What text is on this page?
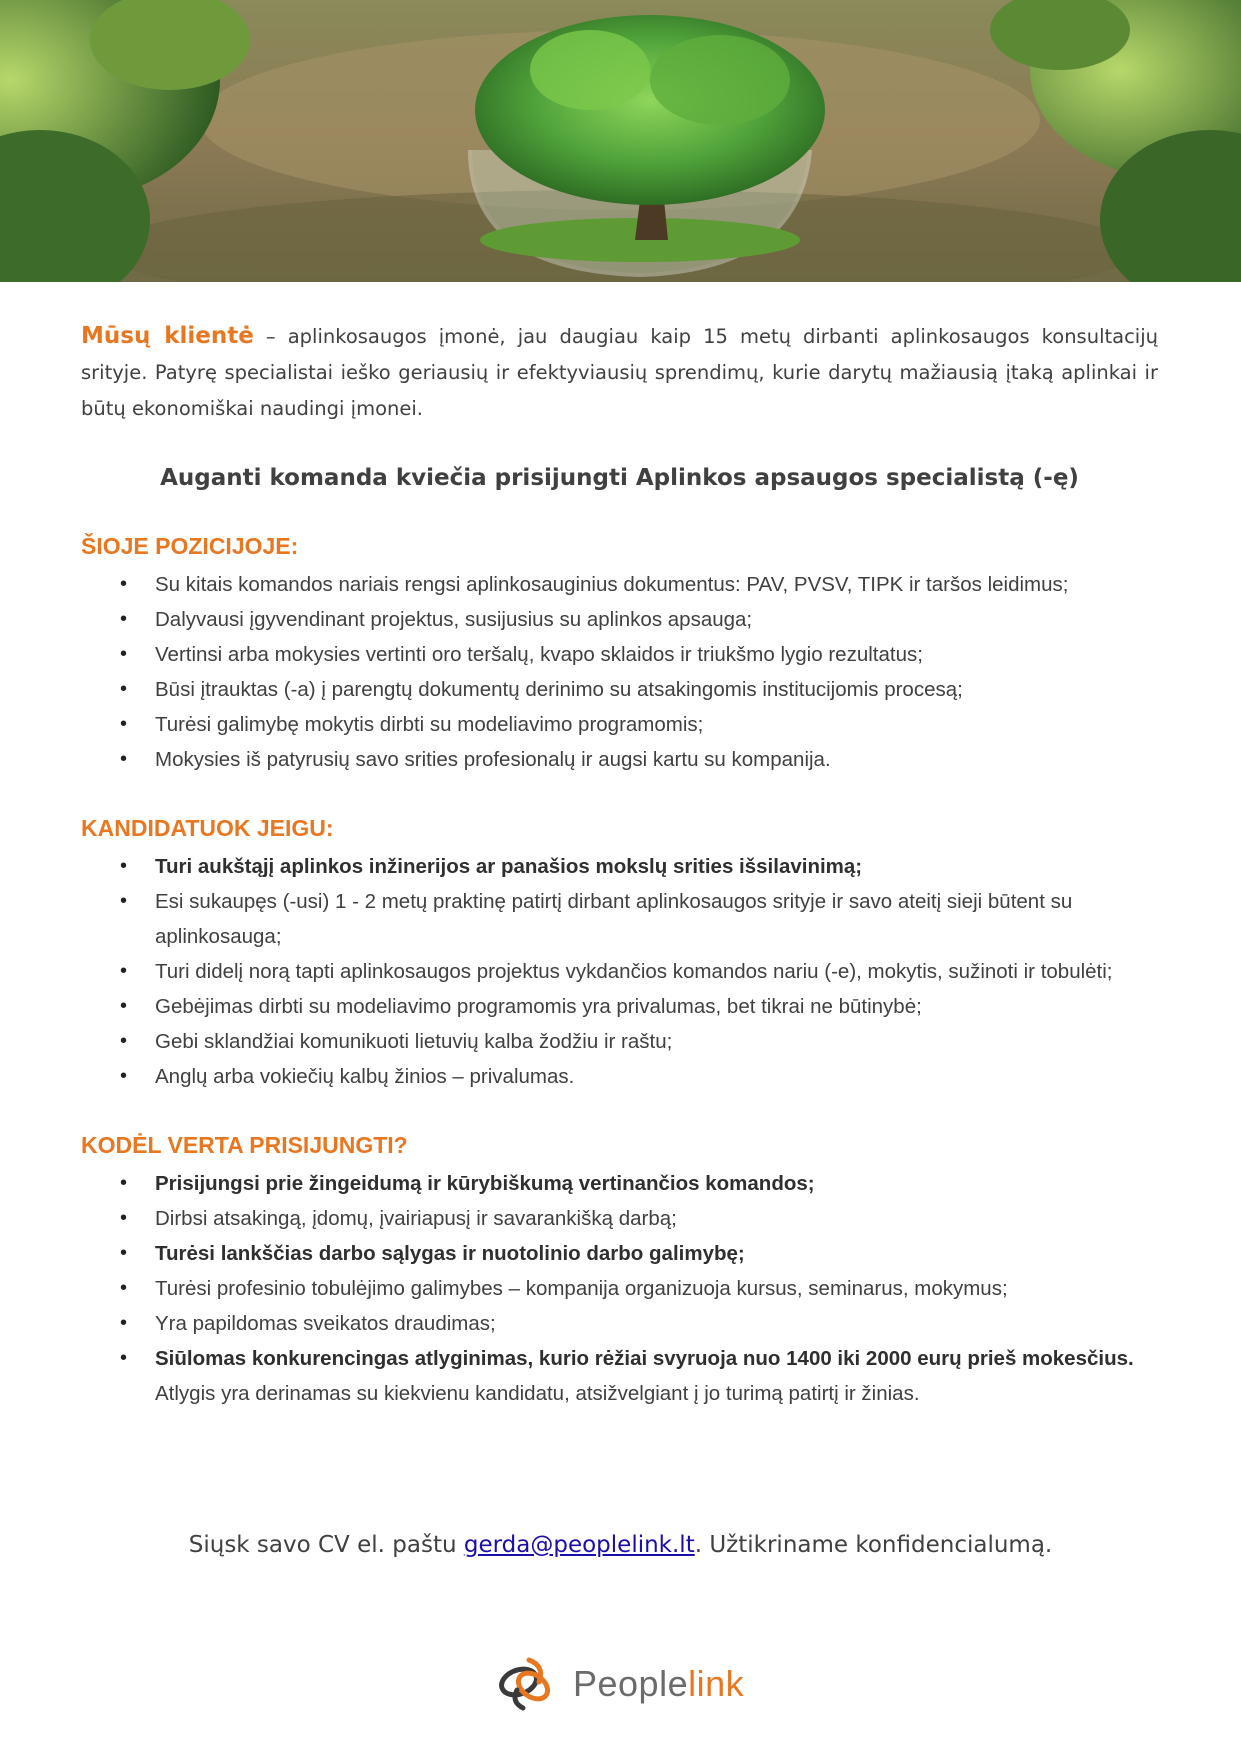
Mūsų klientė – aplinkosaugos įmonė, jau daugiau kaip 15 metų dirbanti aplinkosaugos konsultacijų srityje. Patyrę specialistai ieško geriausių ir efektyviausių sprendimų, kurie darytų mažiausią įtaką aplinkai ir būtų ekonomiškai naudingi įmonei.

Auganti komanda kviečia prisijungti Aplinkos apsaugos specialistą (-ę)
ŠIOJE POZICIJOJE:
• Su kitais komandos nariais rengsi aplinkosauginius dokumentus: PAV, PVSV, TIPK ir taršos leidimus;
• Dalyvausi įgyvendinant projektus, susijusius su aplinkos apsauga;
• Vertinsi arba mokysies vertinti oro teršalų, kvapo sklaidos ir triukšmo lygio rezultatus;
• Būsi įtrauktas (-a) į parengtų dokumentų derinimo su atsakingomis institucijomis procesą;
• Turėsi galimybę mokytis dirbti su modeliavimo programomis;
• Mokysies iš patyrusių savo srities profesionalų ir augsi kartu su kompanija.
KANDIDATUOK JEIGU:
• Turi aukštąjį aplinkos inžinerijos ar panašios mokslų srities išsilavinimą;
• Esi sukaupęs (-usi) 1 - 2 metų praktinę patirtį dirbant aplinkosaugos srityje ir savo ateitį sieji būtent su aplinkosauga;
• Turi didelį norą tapti aplinkosaugos projektus vykdančios komandos nariu (-e), mokytis, sužinoti ir tobulėti;
• Gebėjimas dirbti su modeliavimo programomis yra privalumas, bet tikrai ne būtinybė;
• Gebi sklandžiai komunikuoti lietuvių kalba žodžiu ir raštu;
• Anglų arba vokiečių kalbų žinios – privalumas.
KODĖL VERTA PRISIJUNGTI?
• Prisijungsi prie žingeidumą ir kūrybiškumą vertinančios komandos;
• Dirbsi atsakingą, įdomų, įvairiapusį ir savarankišką darbą;
• Turėsi lankščias darbo sąlygas ir nuotolinio darbo galimybę;
• Turėsi profesinio tobulėjimo galimybes – kompanija organizuoja kursus, seminarus, mokymus;
• Yra papildomas sveikatos draudimas;
• Siūlomas konkurencingas atlyginimas, kurio rėžiai svyruoja nuo 1400 iki 2000 eurų prieš mokesčius. Atlygis yra derinamas su kiekvienu kandidatu, atsižvelgiant į jo turimą patirtį ir žinias.
Siųsk savo CV el. paštu gerda@peoplelink.lt. Užtikriname konfidencialumą.
Peoplelink
